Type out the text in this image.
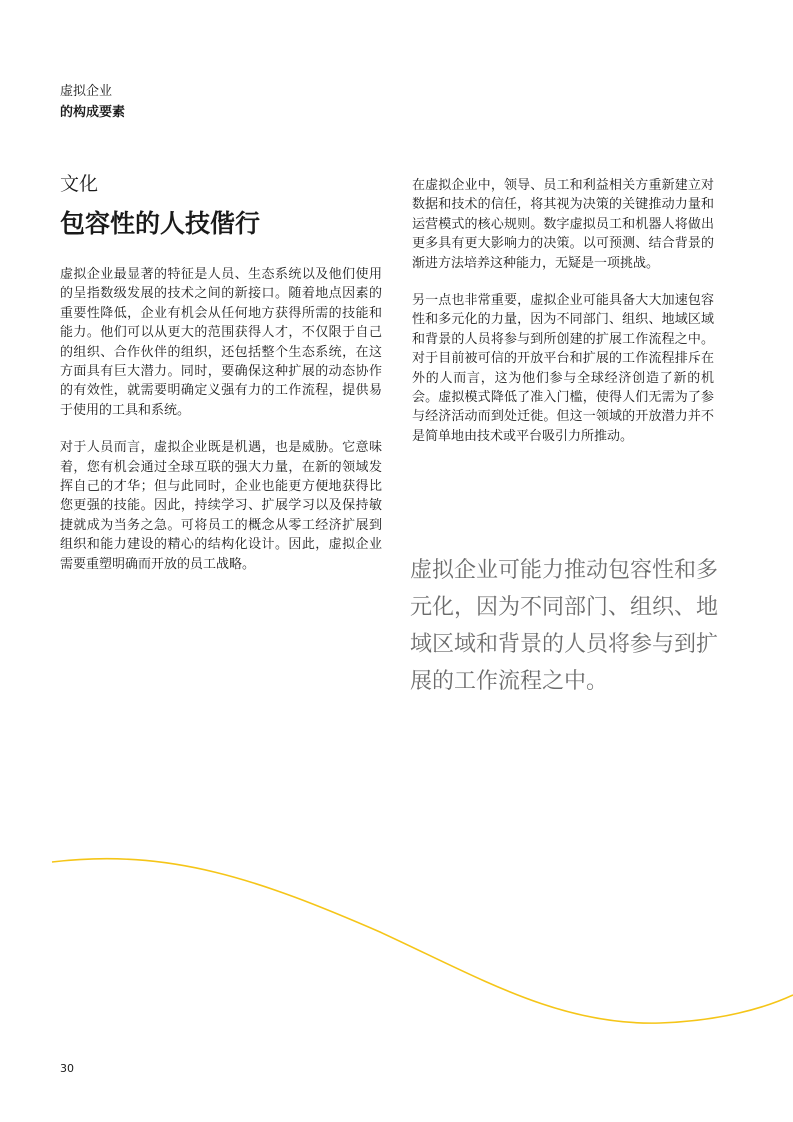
虚拟企业
的构成要素
文化
包容性的人技偕行

虚拟企业最显著的特征是人员、生态系统以及他们使用的呈指数级发展的技术之间的新接口。随着地点因素的重要性降低，企业有机会从任何地方获得所需的技能和能力。他们可以从更大的范围获得人才，不仅限于自己的组织、合作伙伴的组织，还包括整个生态系统，在这方面具有巨大潜力。同时，要确保这种扩展的动态协作的有效性，就需要明确定义强有力的工作流程，提供易于使用的工具和系统。

对于人员而言，虚拟企业既是机遇，也是威胁。它意味着，您有机会通过全球互联的强大力量，在新的领域发挥自己的才华；但与此同时，企业也能更方便地获得比您更强的技能。因此，持续学习、扩展学习以及保持敏捷就成为当务之急。可将员工的概念从零工经济扩展到组织和能力建设的精心的结构化设计。因此，虚拟企业需要重塑明确而开放的员工战略。

在虚拟企业中，领导、员工和利益相关方重新建立对数据和技术的信任，将其视为决策的关键推动力量和运营模式的核心规则。数字虚拟员工和机器人将做出更多具有更大影响力的决策。以可预测、结合背景的渐进方法培养这种能力，无疑是一项挑战。

另一点也非常重要，虚拟企业可能具备大大加速包容性和多元化的力量，因为不同部门、组织、地域区域和背景的人员将参与到所创建的扩展工作流程之中。对于目前被可信的开放平台和扩展的工作流程排斥在外的人而言，这为他们参与全球经济创造了新的机会。虚拟模式降低了准入门槛，使得人们无需为了参与经济活动而到处迁徙。但这一领域的开放潜力并不是简单地由技术或平台吸引力所推动。

虚拟企业可能力推动包容性和多元化，因为不同部门、组织、地域区域和背景的人员将参与到扩展的工作流程之中。
30
